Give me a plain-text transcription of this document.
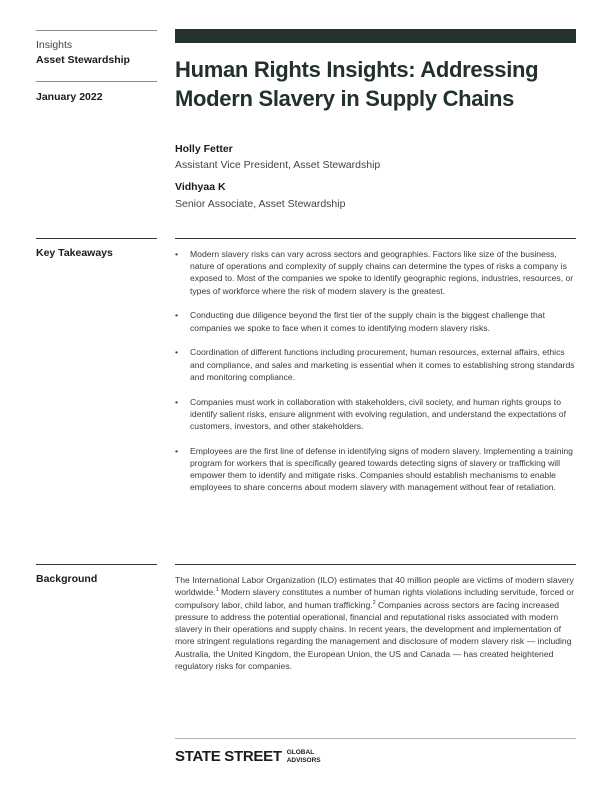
Insights
Asset Stewardship
January 2022
Human Rights Insights: Addressing
Modern Slavery in Supply Chains
Holly Fetter
Assistant Vice President, Asset Stewardship
Vidhyaa K
Senior Associate, Asset Stewardship
Key Takeaways	• Modern slavery risks can vary across sectors and geographies. Factors like size of the business, nature of operations and complexity of supply chains can determine the types of risks a company is exposed to. Most of the companies we spoke to identify geographic regions, industries, resources, or types of workforce where the risk of modern slavery is the greatest.
• Conducting due diligence beyond the first tier of the supply chain is the biggest challenge that companies we spoke to face when it comes to identifying modern slavery risks.
• Coordination of different functions including procurement, human resources, external affairs, ethics and compliance, and sales and marketing is essential when it comes to establishing strong standards and monitoring compliance.
• Companies must work in collaboration with stakeholders, civil society, and human rights groups to identify salient risks, ensure alignment with evolving regulation, and understand the expectations of customers, investors, and other stakeholders.
• Employees are the first line of defense in identifying signs of modern slavery. Implementing a training program for workers that is specifically geared towards detecting signs of slavery or trafficking will empower them to identify and mitigate risks. Companies should establish mechanisms to enable employees to share concerns about modern slavery with management without fear of retaliation.
Background	The International Labor Organization (ILO) estimates that 40 million people are victims of modern slavery worldwide.$^1$ Modern slavery constitutes a number of human rights violations including servitude, forced or compulsory labor, child labor, and human trafficking.$^2$ Companies across sectors are facing increased pressure to address the potential operational, financial and reputational risks associated with modern slavery in their operations and supply chains. In recent years, the development and implementation of more stringent regulations regarding the management and disclosure of modern slavery risk — including Australia, the United Kingdom, the European Union, the US and Canada — has created heightened regulatory risks for companies.

STATE STREET GLOBAL
ADVISORS
